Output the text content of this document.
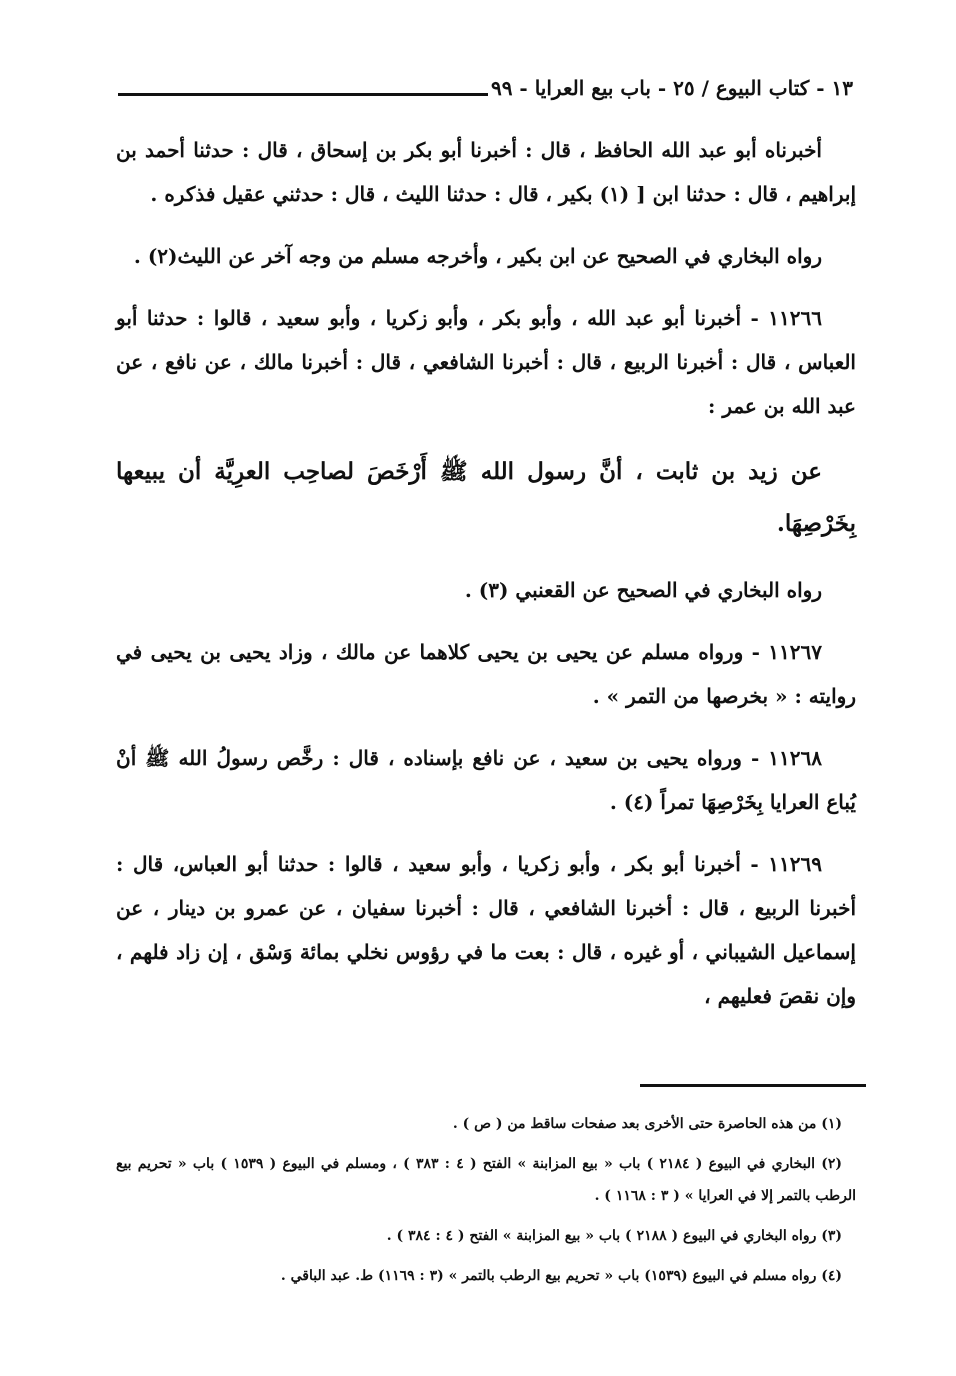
١٣ - كتاب البيوع / ٢٥ - باب بيع العرايا - ٩٩

أخبرناه أبو عبد الله الحافظ ، قال : أخبرنا أبو بكر بن إسحاق ، قال : حدثنا أحمد بن إبراهيم ، قال : حدثنا ابن [ (١) بكير ، قال : حدثنا الليث ، قال : حدثني عقيل فذكره .

رواه البخاري في الصحيح عن ابن بكير ، وأخرجه مسلم من وجه آخر عن الليث(٢) .

١١٢٦٦ - أخبرنا أبو عبد الله ، وأبو بكر ، وأبو زكريا ، وأبو سعيد ، قالوا : حدثنا أبو العباس ، قال : أخبرنا الربيع ، قال : أخبرنا الشافعي ، قال : أخبرنا مالك ، عن نافع ، عن عبد الله بن عمر :

عن زيد بن ثابت ، أنَّ رسول الله ﷺ أَرْخَصَ لصاحِب العرِيَّة أن يبيعها بِخَرْصِهَا.

رواه البخاري في الصحيح عن القعنبي (٣) .

١١٢٦٧ - ورواه مسلم عن يحيى بن يحيى كلاهما عن مالك ، وزاد يحيى بن يحيى في روايته : « بخرصها من التمر » .

١١٢٦٨ - ورواه يحيى بن سعيد ، عن نافع بإسناده ، قال : رخَّص رسولُ الله ﷺ أنْ يُباع العرايا بِخَرْصِهَا تمراً (٤) .

١١٢٦٩ - أخبرنا أبو بكر ، وأبو زكريا ، وأبو سعيد ، قالوا : حدثنا أبو العباس، قال : أخبرنا الربيع ، قال : أخبرنا الشافعي ، قال : أخبرنا سفيان ، عن عمرو بن دينار ، عن إسماعيل الشيباني ، أو غيره ، قال : بعت ما في رؤوس نخلي بمائة وَسْق ، إن زاد فلهم ، وإن نقصَ فعليهم ،

(١) من هذه الحاصرة حتى الأخرى بعد صفحات ساقط من ( ص ) .

(٢) البخاري في البيوع ( ٢١٨٤ ) باب « بيع المزابنة » الفتح ( ٤ : ٣٨٣ ) ، ومسلم في البيوع ( ١٥٣٩ ) باب « تحريم بيع الرطب بالتمر إلا في العرايا » ( ٣ : ١١٦٨ ) .

(٣) رواه البخاري في البيوع ( ٢١٨٨ ) باب « بيع المزابنة » الفتح ( ٤ : ٣٨٤ ) .

(٤) رواه مسلم في البيوع (١٥٣٩) باب « تحريم بيع الرطب بالتمر » (٣ : ١١٦٩) ط. عبد الباقي .
